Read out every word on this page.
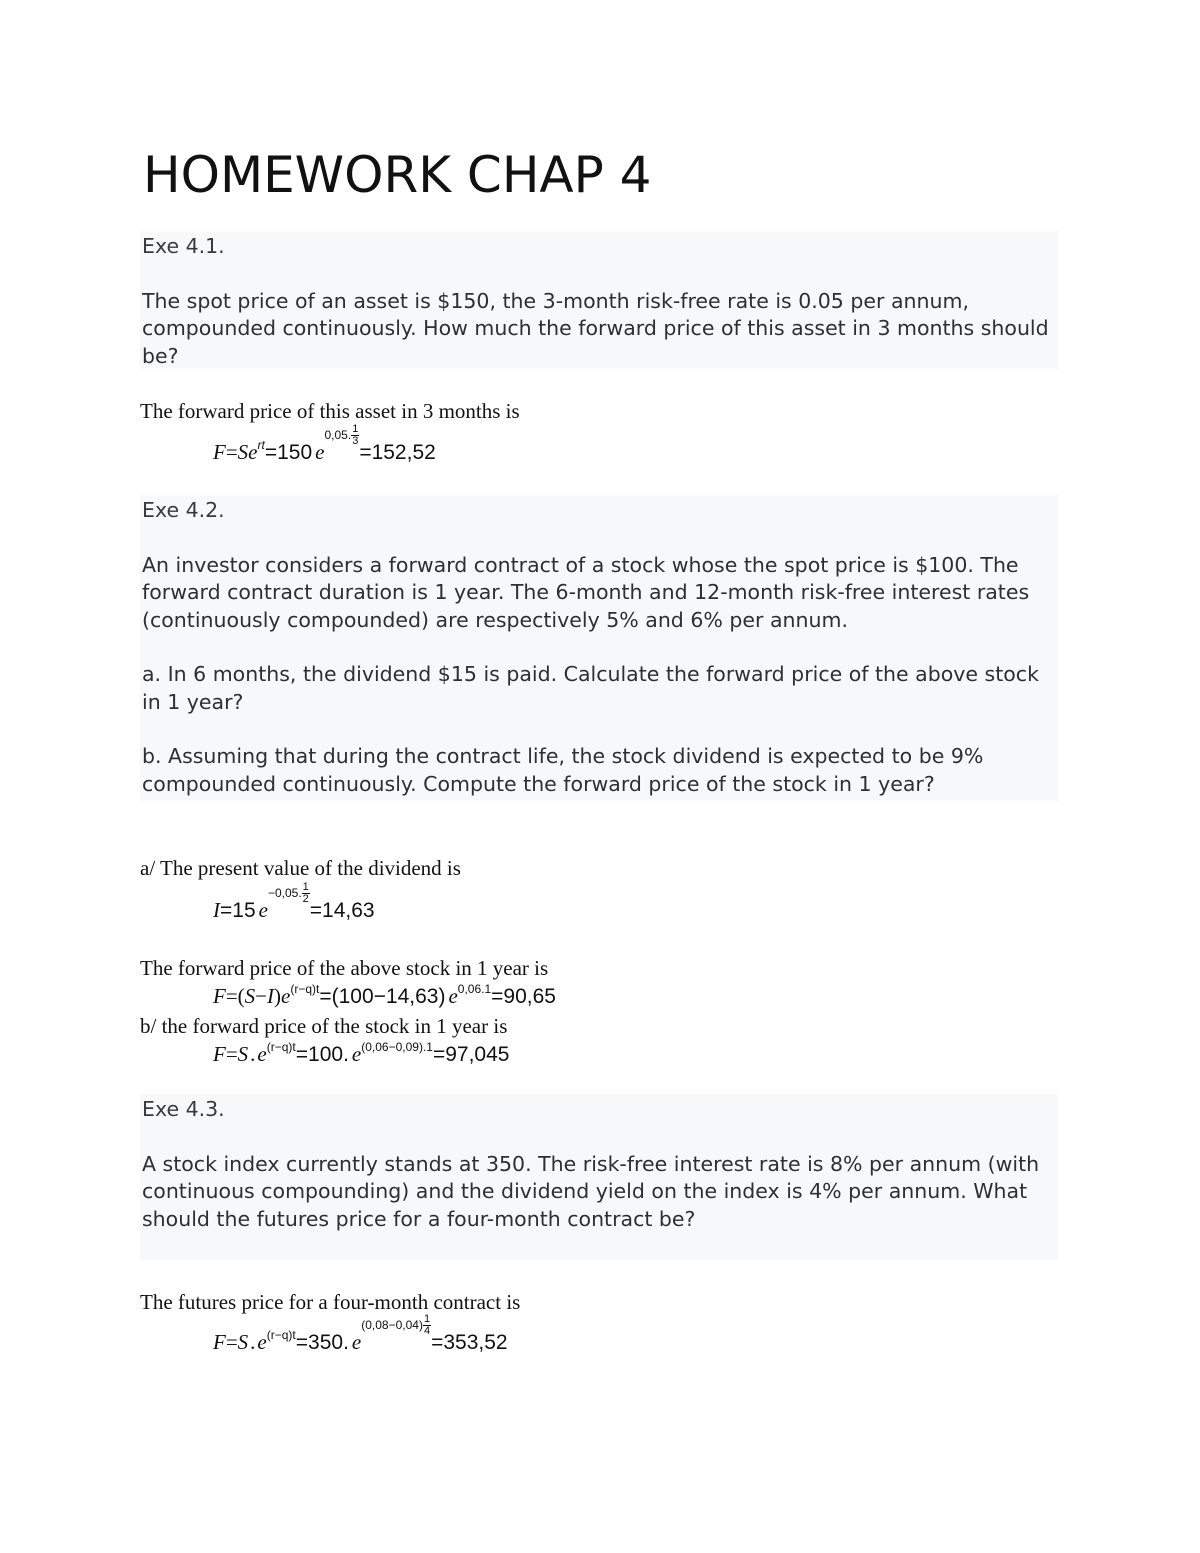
HOMEWORK CHAP 4

Exe 4.1.

The spot price of an asset is $150, the 3-month risk-free rate is 0.05 per annum, compounded continuously. How much the forward price of this asset in 3 months should be?

The forward price of this asset in 3 months is

$F=Se^{rt}=150$ $e^{0,05. \frac{1}{3}}$
=152,52

Exe 4.2.

An investor considers a forward contract of a stock whose the spot price is $100. The forward contract duration is 1 year. The 6-month and 12-month risk-free interest rates (continuously compounded) are respectively 5% and 6% per annum.

a. In 6 months, the dividend $15 is paid. Calculate the forward price of the above stock in 1 year?

b. Assuming that during the contract life, the stock dividend is expected to be 9% compounded continuously. Compute the forward price of the stock in 1 year?

a/ The present value of the dividend is

I=15 $e^{-0,05. \frac{1}{2}}$
=14,63

The forward price of the above stock in 1 year is

$F=(S-I)e^{(r-q)t}=(100-14,63)$ $e^{0,06.1}=90,65$

b/ the forward price of the stock in 1 year is

$F=S.e^{(r-q)t}=100$. $e^{(0,06-0,09).1}=97,045$

Exe 4.3.

A stock index currently stands at 350. The risk-free interest rate is 8% per annum (with continuous compounding) and the dividend yield on the index is 4% per annum. What should the futures price for a four-month contract be?

The futures price for a four-month contract is

$F=S.e^{(r-q)t}=350$. $e^{(0,08-0,04) \frac{1}{4}}$
=353,52
